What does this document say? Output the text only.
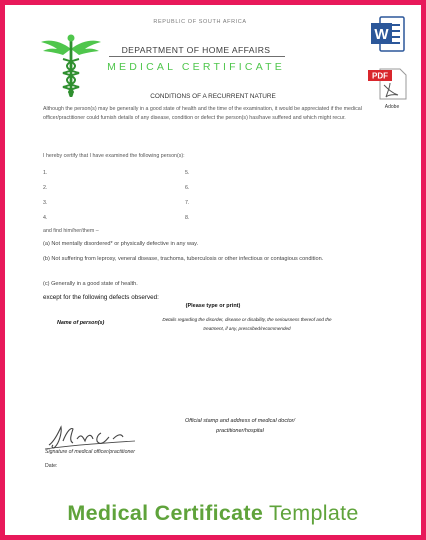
REPUBLIC OF SOUTH AFRICA
DEPARTMENT OF HOME AFFAIRS
MEDICAL CERTIFICATE
W
PDF
Adobe
CONDITIONS OF A RECURRENT NATURE
Although the person(s) may be generally in a good state of health and the time of the examination, it would be appreciated if the medical officer/practitioner could furnish details of any disease, condition or defect the person(s) has/have suffered and which might recur.
I hereby certify that I have examined the following person(s):
1.
2.
3.
4.
5.
6.
7.
8.
and find him/her/them –
(a) Not mentally disordered* or physically defective in any way.
(b) Not suffering from leprosy, veneral disease, trachoma, tuberculosis or other infectious or contagious condition.
(c) Generally in a good state of health.
except for the following defects observed:
(Please type or print)
Name of person(s)
Details regarding the disorder, disease or disability, the seriousness thereof and the treatment, if any, prescribed/recommended
Official stamp and address of medical doctor/ practitioner/hospital
Signature of medical officer/practitioner
Date:
Medical Certificate Template
